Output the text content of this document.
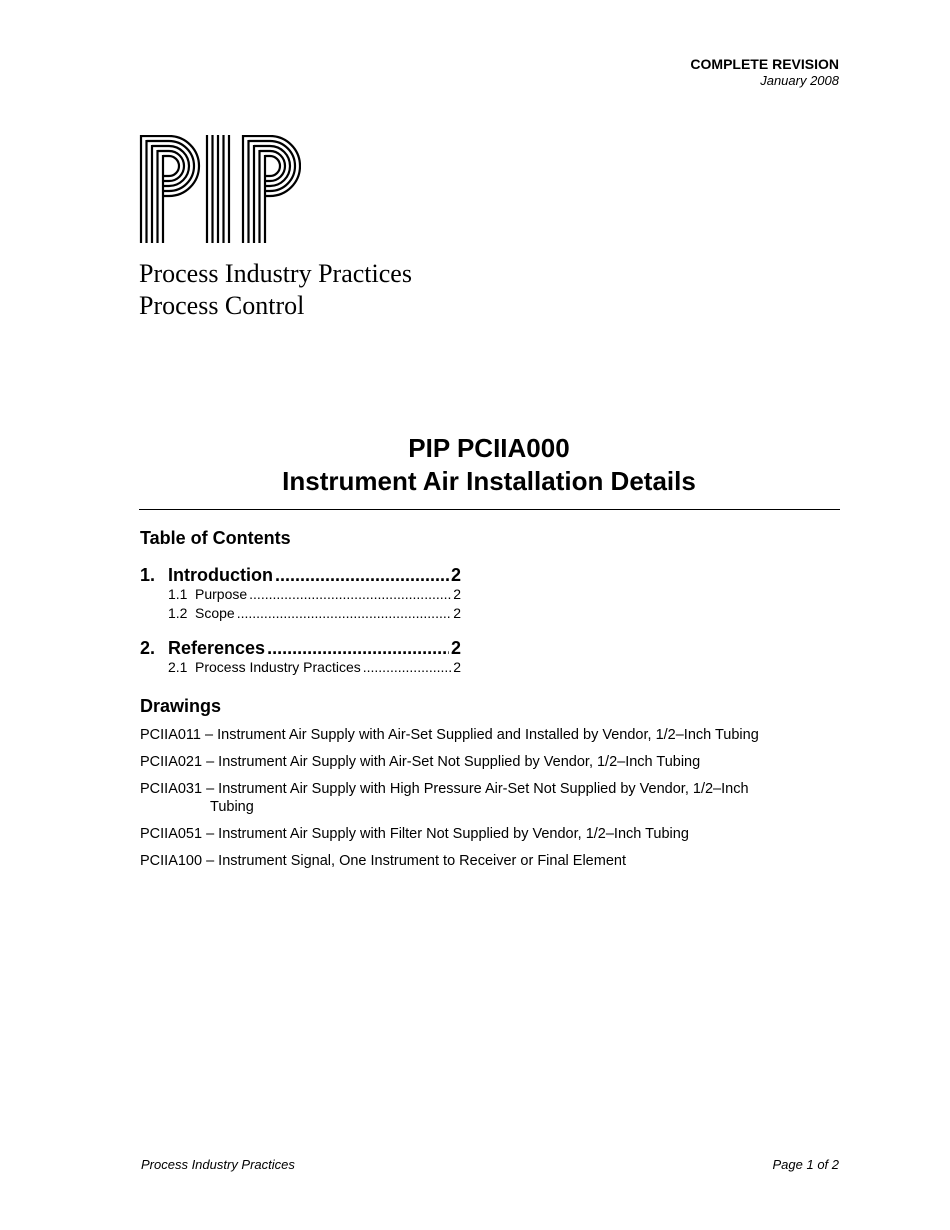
COMPLETE REVISION
January 2008
Process Industry Practices
Process Control
PIP PCIIA000
Instrument Air Installation Details
Table of Contents
1. Introduction .....	2
1.1 Purpose .....	2
1.2 Scope .....	2
2. References .....	2
2.1 Process Industry Practices .....	2
Drawings
PCIIA011 – Instrument Air Supply with Air-Set Supplied and Installed by Vendor, 1/2–Inch Tubing
PCIIA021 – Instrument Air Supply with Air-Set Not Supplied by Vendor, 1/2–Inch Tubing
PCIIA031 – Instrument Air Supply with High Pressure Air-Set Not Supplied by Vendor, 1/2–Inch
Tubing
PCIIA051 – Instrument Air Supply with Filter Not Supplied by Vendor, 1/2–Inch Tubing
PCIIA100 – Instrument Signal, One Instrument to Receiver or Final Element
Process Industry Practices	Page 1 of 2
